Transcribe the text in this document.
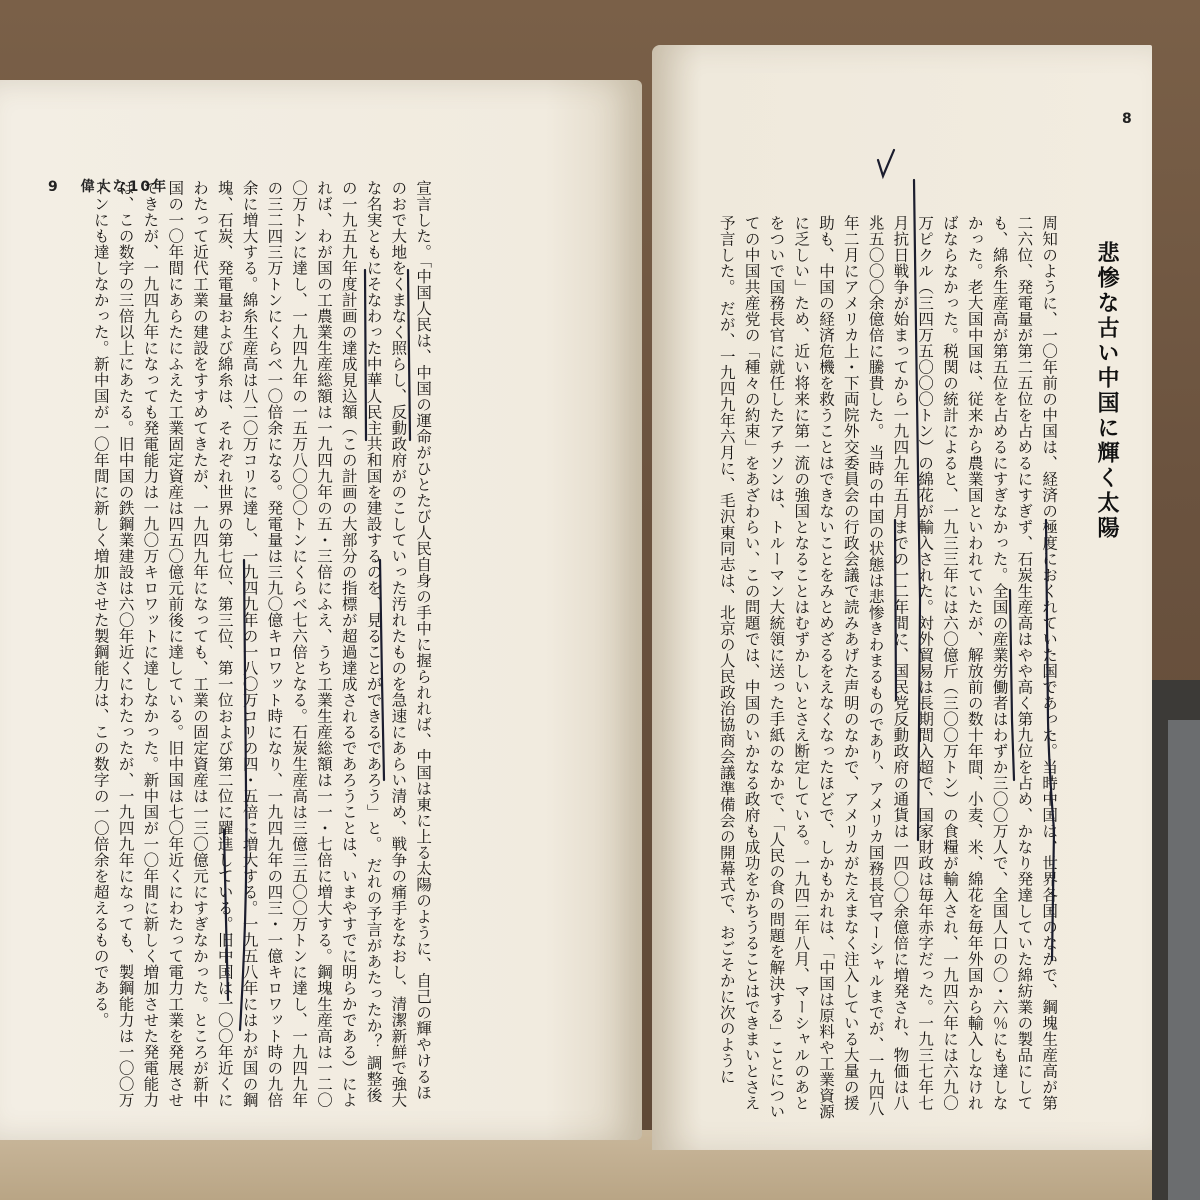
9 偉大な10年	宣言した。「中国人民は、中国の運命がひとたび人民自身の手中に握られれば、中国は東に上る太陽のように、自己の輝やけるほのおで大地をくまなく照らし、反動政府がのこしていった汚れたものを急速にあらい清め、戦争の痛手をなおし、清潔新鮮で強大な名実ともにそなわった中華人民主共和国を建設するのを、見ることができるであろう」と。 だれの予言があたったか？ 調整後の一九五九年度計画の達成見込額（この計画の大部分の指標が超過達成されるであろうことは、いまやすでに明らかである）によれば、わが国の工農業生産総額は一九四九年の五・三倍にふえ、うち工業生産総額は一一・七倍に増大する。鋼塊生産高は一二〇〇万トンに達し、一九四九年の一五万八〇〇〇トンにくらべ七六倍となる。石炭生産高は三億三五〇〇万トンに達し、一九四九年の三二四三万トンにくらべ一〇倍余になる。発電量は三九〇億キロワット時になり、一九四九年の四三・一億キロワット時の九倍余に増大する。綿糸生産高は八二〇万コリに達し、一九四九年の一八〇万コリの四・五倍に増大する。一九五八年にはわが国の鋼塊、石炭、発電量および綿糸は、それぞれ世界の第七位、第三位、第一位および第二位に躍進している。旧中国は一〇〇年近くにわたって近代工業の建設をすすめてきたが、一九四九年になっても、工業の固定資産は一三〇億元にすぎなかった。ところが新中国の一〇年間にあらたにふえた工業固定資産は四五〇億元前後に達している。旧中国は七〇年近くにわたって電力工業を発展させてきたが、一九四九年になっても発電能力は一九〇万キロワットに達しなかった。新中国が一〇年間に新しく増加させた発電能力は、この数字の三倍以上にあたる。旧中国の鉄鋼業建設は六〇年近くにわたったが、一九四九年になっても、製鋼能力は一〇〇万トンにも達しなかった。新中国が一〇年間に新しく増加させた製鋼能力は、この数字の一〇倍余を超えるものである。
8
悲惨な古い中国に輝く太陽
周知のように、一〇年前の中国は、経済の極度におくれていた国であった。当時中国は、世界各国のなかで、鋼塊生産高が第二六位、発電量が第二五位を占めるにすぎず、石炭生産高はやや高く第九位を占め、かなり発達していた綿紡業の製品にしても、綿糸生産高が第五位を占めるにすぎなかった。全国の産業労働者はわずか三〇〇万人で、全国人口の〇・六％にも達しなかった。老大国中国は、従来から農業国といわれていたが、解放前の数十年間、小麦、米、綿花を毎年外国から輸入しなければならなかった。税関の統計によると、一九三三年には六〇億斤（三〇〇万トン）の食糧が輸入され、一九四六年には六九〇万ピクル（三四万五〇〇〇トン）の綿花が輸入された。対外貿易は長期間入超で、国家財政は毎年赤字だった。一九三七年七月抗日戦争が始まってから一九四九年五月までの一二年間に、国民党反動政府の通貨は一四〇〇余億倍に増発され、物価は八兆五〇〇〇余億倍に騰貴した。 当時の中国の状態は悲惨きわまるものであり、アメリカ国務長官マーシャルまでが、一九四八年二月にアメリカ上・下両院外交委員会の行政会議で読みあげた声明のなかで、アメリカがたえまなく注入している大量の援助も、中国の経済危機を救うことはできないことをみとめざるをえなくなったほどで、しかもかれは、「中国は原料や工業資源に乏しい」ため、近い将来に第一流の強国となることはむずかしいとさえ断定している。一九四二年八月、マーシャルのあとをついで国務長官に就任したアチソンは、トルーマン大統領に送った手紙のなかで、「人民の食の問題を解決する」ことについての中国共産党の「種々の約束」をあざわらい、この問題では、中国のいかなる政府も成功をかちうることはできまいとさえ予言した。 だが、一九四九年六月に、毛沢東同志は、北京の人民政治協商会議準備会の開幕式で、おごそかに次のように
